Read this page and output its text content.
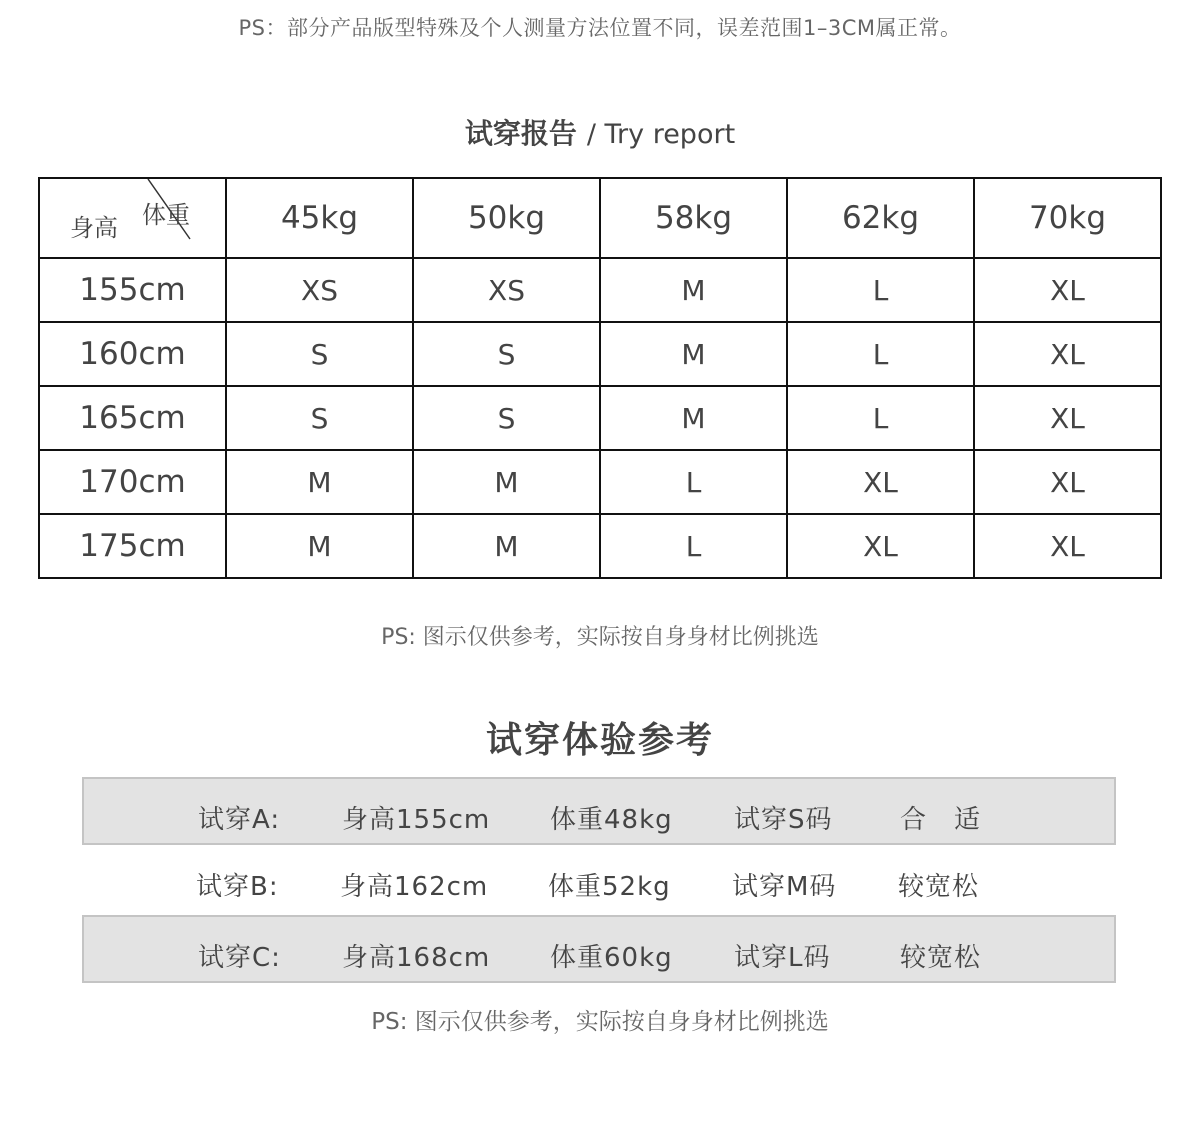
PS：部分产品版型特殊及个人测量方法位置不同，误差范围1–3CM属正常。
试穿报告 / Try report
身高 体重	45kg	50kg	58kg	62kg	70kg
155cm	XS	XS	M	L	XL
160cm	S	S	M	L	XL
165cm	S	S	M	L	XL
170cm	M	M	L	XL	XL
175cm	M	M	L	XL	XL
PS: 图示仅供参考，实际按自身身材比例挑选
试穿体验参考
试穿A: 身高155cm 体重48kg 试穿S码	合　适
试穿B: 身高162cm 体重52kg 试穿M码 较宽松
试穿C: 身高168cm 体重60kg 试穿L码	较宽松
PS: 图示仅供参考，实际按自身身材比例挑选
